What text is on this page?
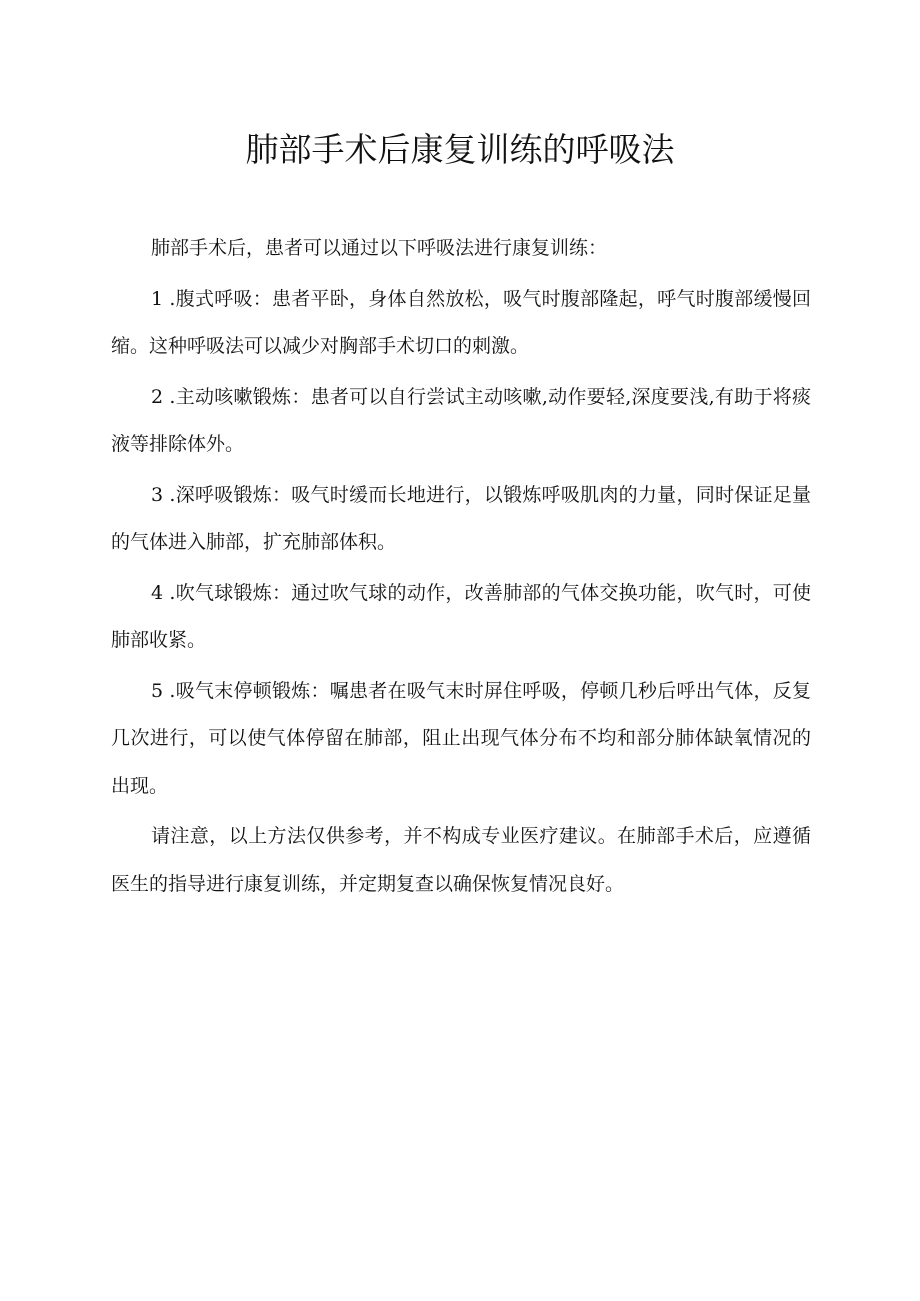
肺部手术后康复训练的呼吸法

肺部手术后，患者可以通过以下呼吸法进行康复训练：

1 .腹式呼吸：患者平卧，身体自然放松，吸气时腹部隆起，呼气时腹部缓慢回缩。这种呼吸法可以减少对胸部手术切口的刺激。

2 .主动咳嗽锻炼：患者可以自行尝试主动咳嗽,动作要轻,深度要浅,有助于将痰液等排除体外。

3 .深呼吸锻炼：吸气时缓而长地进行，以锻炼呼吸肌肉的力量，同时保证足量的气体进入肺部，扩充肺部体积。

4 .吹气球锻炼：通过吹气球的动作，改善肺部的气体交换功能，吹气时，可使肺部收紧。

5 .吸气末停顿锻炼：嘱患者在吸气末时屏住呼吸，停顿几秒后呼出气体，反复几次进行，可以使气体停留在肺部，阻止出现气体分布不均和部分肺体缺氧情况的出现。

请注意，以上方法仅供参考，并不构成专业医疗建议。在肺部手术后，应遵循医生的指导进行康复训练，并定期复查以确保恢复情况良好。
